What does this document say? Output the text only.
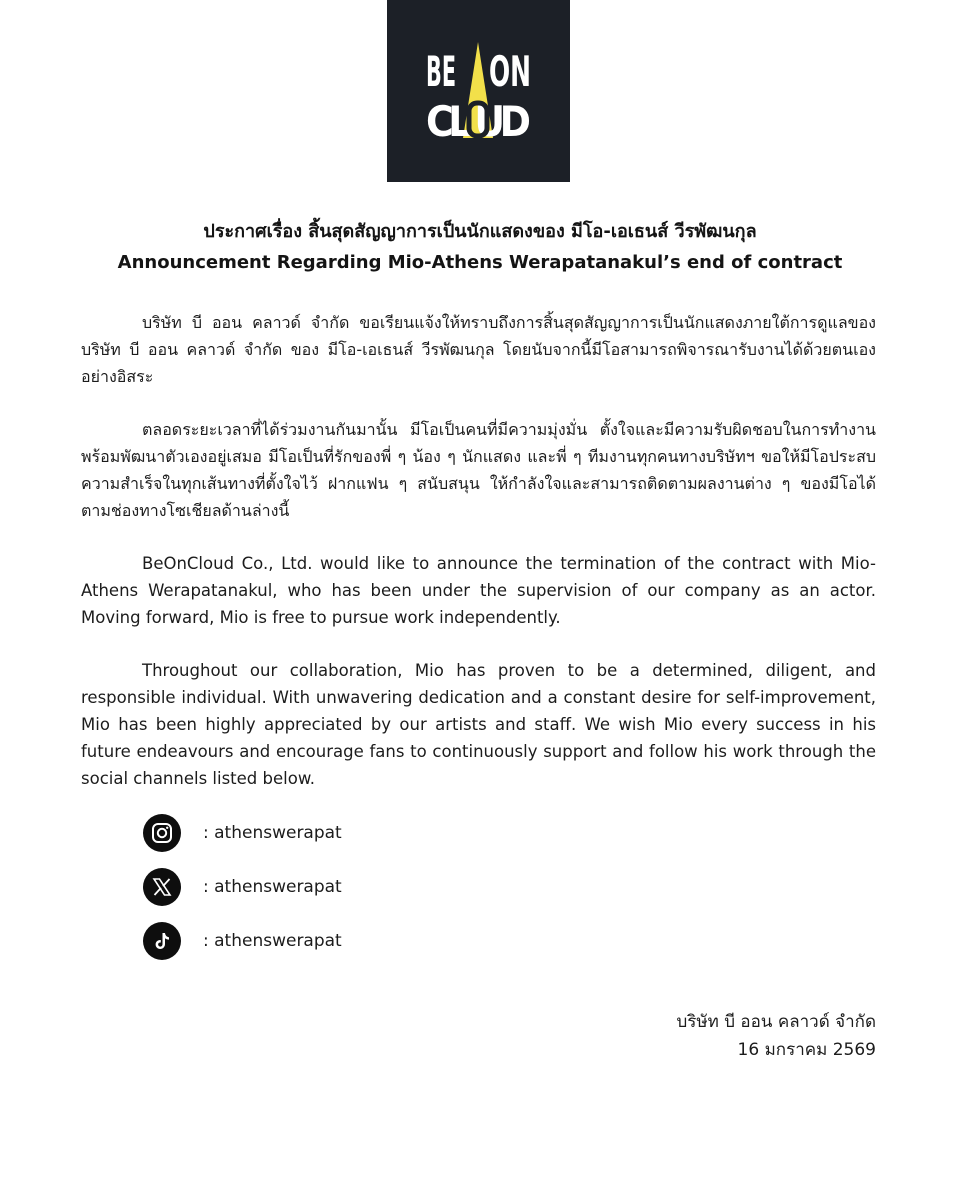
BE ON
CL UD
ประกาศเรื่อง สิ้นสุดสัญญาการเป็นนักแสดงของ มีโอ-เอเธนส์ วีรพัฒนกุล
Announcement Regarding Mio-Athens Werapatanakul’s end of contract

บริษัท บี ออน คลาวด์ จำกัด ขอเรียนแจ้งให้ทราบถึงการสิ้นสุดสัญญาการเป็นนักแสดงภายใต้การดูแลของบริษัท บี ออน คลาวด์ จำกัด ของ มีโอ-เอเธนส์ วีรพัฒนกุล โดยนับจากนี้มีโอสามารถพิจารณารับงานได้ด้วยตนเองอย่างอิสระ

ตลอดระยะเวลาที่ได้ร่วมงานกันมานั้น มีโอเป็นคนที่มีความมุ่งมั่น ตั้งใจและมีความรับผิดชอบในการทำงาน พร้อมพัฒนาตัวเองอยู่เสมอ มีโอเป็นที่รักของพี่ ๆ น้อง ๆ นักแสดง และพี่ ๆ ทีมงานทุกคนทางบริษัทฯ ขอให้มีโอประสบความสำเร็จในทุกเส้นทางที่ตั้งใจไว้ ฝากแฟน ๆ สนับสนุน ให้กำลังใจและสามารถติดตามผลงานต่าง ๆ ของมีโอได้ตามช่องทางโซเชียลด้านล่างนี้

BeOnCloud Co., Ltd. would like to announce the termination of the contract with Mio-Athens Werapatanakul, who has been under the supervision of our company as an actor. Moving forward, Mio is free to pursue work independently.

Throughout our collaboration, Mio has proven to be a determined, diligent, and responsible individual. With unwavering dedication and a constant desire for self-improvement, Mio has been highly appreciated by our artists and staff. We wish Mio every success in his future endeavours and encourage fans to continuously support and follow his work through the social channels listed below.

: athenswerapat
: athenswerapat
: athenswerapat
บริษัท บี ออน คลาวด์ จำกัด
16 มกราคม 2569
